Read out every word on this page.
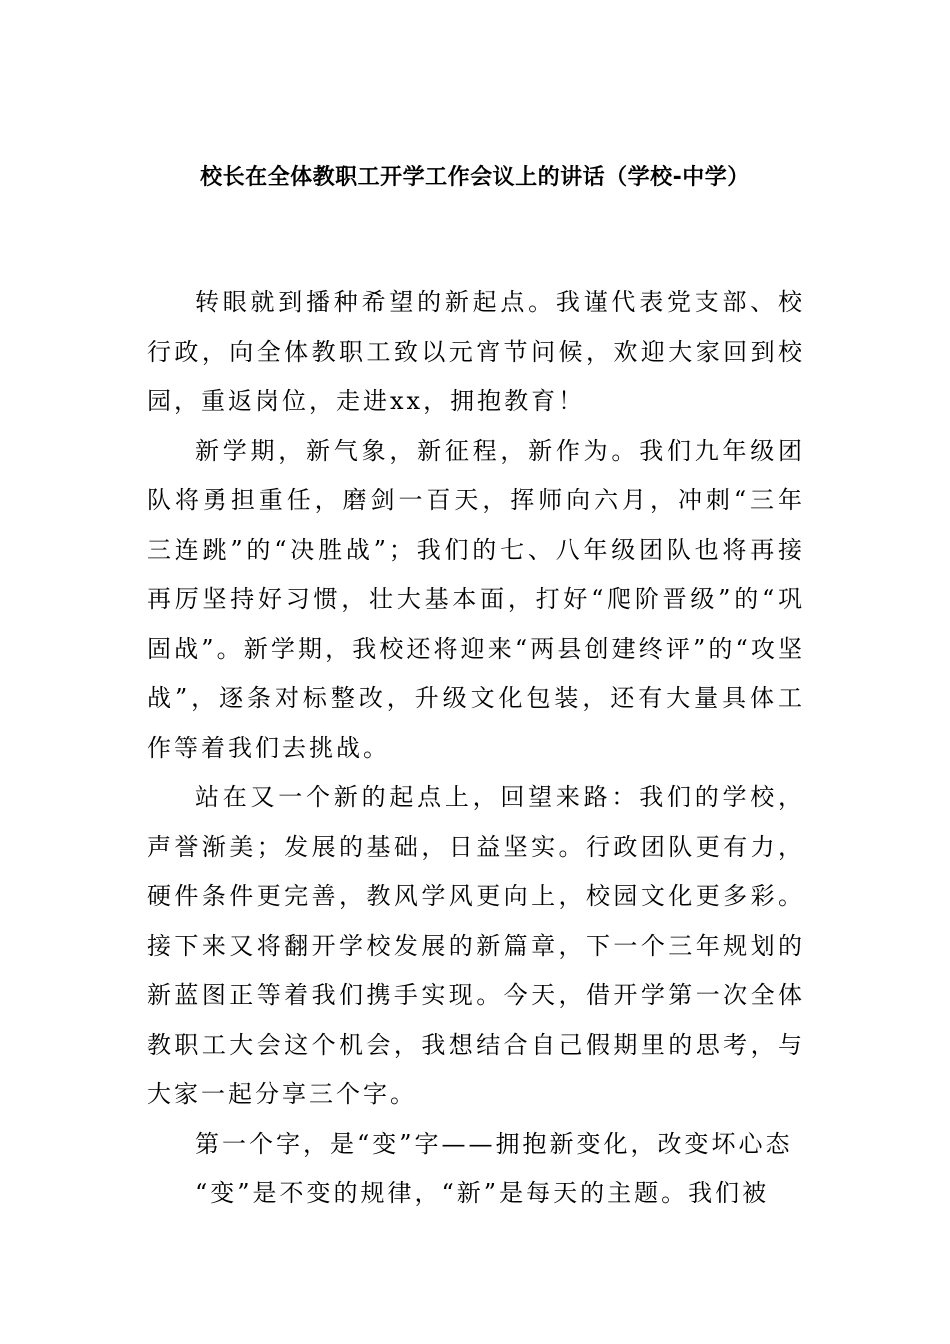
校长在全体教职工开学工作会议上的讲话（学校-中学）

转眼就到播种希望的新起点。我谨代表党支部、校行政，向全体教职工致以元宵节问候，欢迎大家回到校园，重返岗位，走进xx，拥抱教育！

新学期，新气象，新征程，新作为。我们九年级团队将勇担重任，磨剑一百天，挥师向六月，冲刺“三年三连跳”的“决胜战”；我们的七、八年级团队也将再接再厉坚持好习惯，壮大基本面，打好“爬阶晋级”的“巩固战”。新学期，我校还将迎来“两县创建终评”的“攻坚战”，逐条对标整改，升级文化包装，还有大量具体工作等着我们去挑战。

站在又一个新的起点上，回望来路：我们的学校，声誉渐美；发展的基础，日益坚实。行政团队更有力，硬件条件更完善，教风学风更向上，校园文化更多彩。接下来又将翻开学校发展的新篇章，下一个三年规划的新蓝图正等着我们携手实现。今天，借开学第一次全体教职工大会这个机会，我想结合自己假期里的思考，与大家一起分享三个字。

第一个字，是“变”字——拥抱新变化，改变坏心态

“变”是不变的规律，“新”是每天的主题。我们被
